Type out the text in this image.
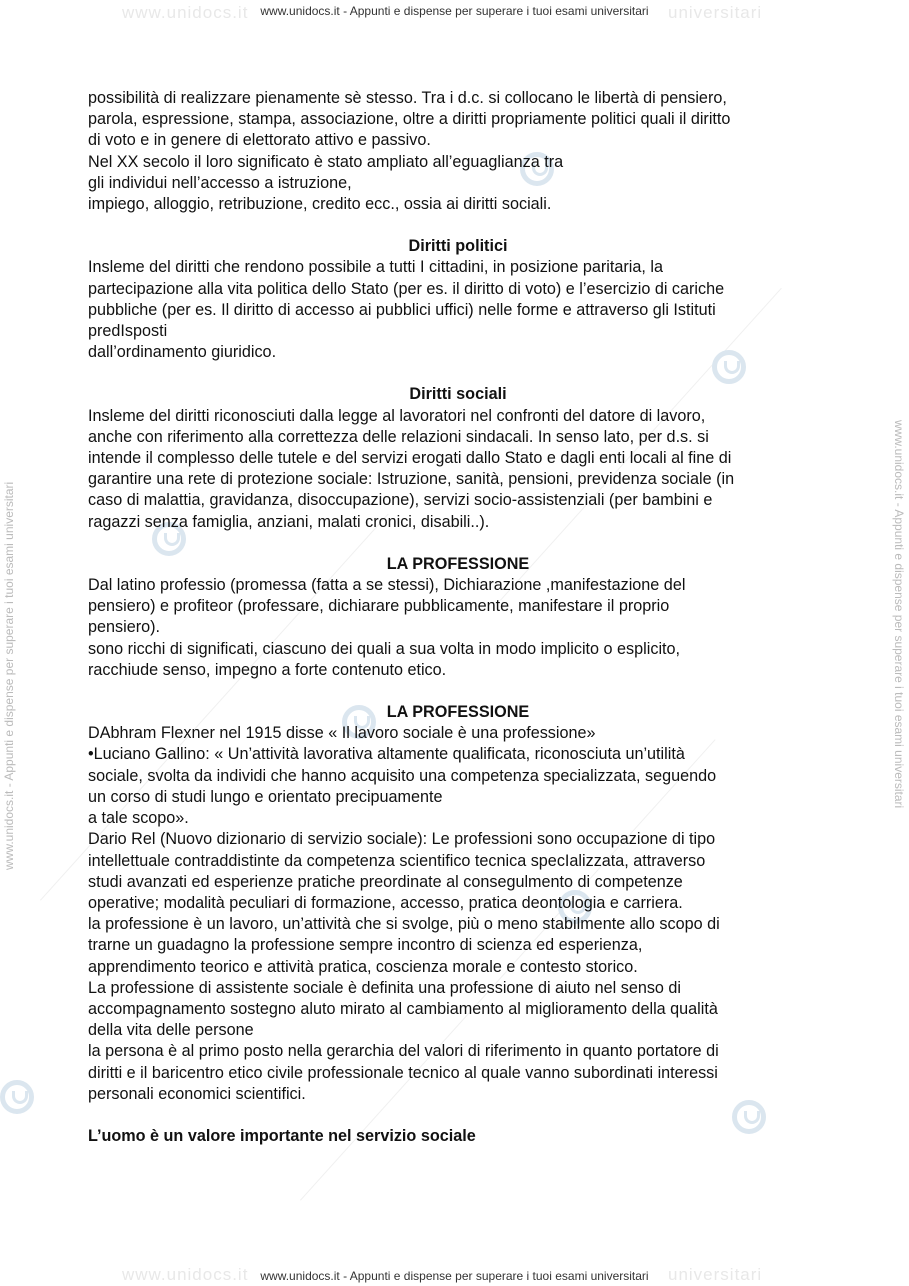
www.unidocs.it	universitari
www.unidocs.it	universitari
www.unidocs.it - Appunti e dispense per superare i tuoi esami universitari	www.unidocs.it - Appunti e dispense per superare i tuoi esami universitari
www.unidocs.it - Appunti e dispense per superare i tuoi esami universitari
www.unidocs.it - Appunti e dispense per superare i tuoi esami universitari

possibilità di realizzare pienamente sè stesso. Tra i d.c. si collocano le libertà di pensiero,

parola, espressione, stampa, associazione, oltre a diritti propriamente politici quali il diritto

di voto e in genere di elettorato attivo e passivo.

Nel XX secolo il loro significato è stato ampliato all’eguaglianza tra

gli individui nell’accesso a istruzione,

impiego, alloggio, retribuzione, credito ecc., ossia ai diritti sociali.

Diritti politici

Insleme del diritti che rendono possibile a tutti I cittadini, in posizione paritaria, la

partecipazione alla vita politica dello Stato (per es. il diritto di voto) e l’esercizio di cariche

pubbliche (per es. Il diritto di accesso ai pubblici uffici) nelle forme e attraverso gli Istituti

predIsposti

dall’ordinamento giuridico.

Diritti sociali

Insleme del diritti riconosciuti dalla legge al lavoratori nel confronti del datore di lavoro,

anche con riferimento alla correttezza delle relazioni sindacali. In senso lato, per d.s. si

intende il complesso delle tutele e del servizi erogati dallo Stato e dagli enti locali al fine di

garantire una rete di protezione sociale: Istruzione, sanità, pensioni, previdenza sociale (in

caso di malattia, gravidanza, disoccupazione), servizi socio-assistenziali (per bambini e

ragazzi senza famiglia, anziani, malati cronici, disabili..).

LA PROFESSIONE

Dal latino professio (promessa (fatta a se stessi), Dichiarazione ,manifestazione del

pensiero) e profiteor (professare, dichiarare pubblicamente, manifestare il proprio

pensiero).

sono ricchi di significati, ciascuno dei quali a sua volta in modo implicito o esplicito,

racchiude senso, impegno a forte contenuto etico.

LA PROFESSIONE

DAbhram Flexner nel 1915 disse « Il lavoro sociale è una professione»

•Luciano Gallino: « Un’attività lavorativa altamente qualificata, riconosciuta un’utilità

sociale, svolta da individi che hanno acquisito una competenza specializzata, seguendo

un corso di studi lungo e orientato precipuamente

a tale scopo».

Dario Rel (Nuovo dizionario di servizio sociale): Le professioni sono occupazione di tipo

intellettuale contraddistinte da competenza scientifico tecnica specIalizzata, attraverso

studi avanzati ed esperienze pratiche preordinate al consegulmento di competenze

operative; modalità peculiari di formazione, accesso, pratica deontologia e carriera.

la professione è un lavoro, un’attività che si svolge, più o meno stabilmente allo scopo di

trarne un guadagno la professione sempre incontro di scienza ed esperienza,

apprendimento teorico e attività pratica, coscienza morale e contesto storico.

La professione di assistente sociale è definita una professione di aiuto nel senso di

accompagnamento sostegno aluto mirato al cambiamento al miglioramento della qualità

della vita delle persone

la persona è al primo posto nella gerarchia del valori di riferimento in quanto portatore di

diritti e il baricentro etico civile professionale tecnico al quale vanno subordinati interessi

personali economici scientifici.

L’uomo è un valore importante nel servizio sociale
